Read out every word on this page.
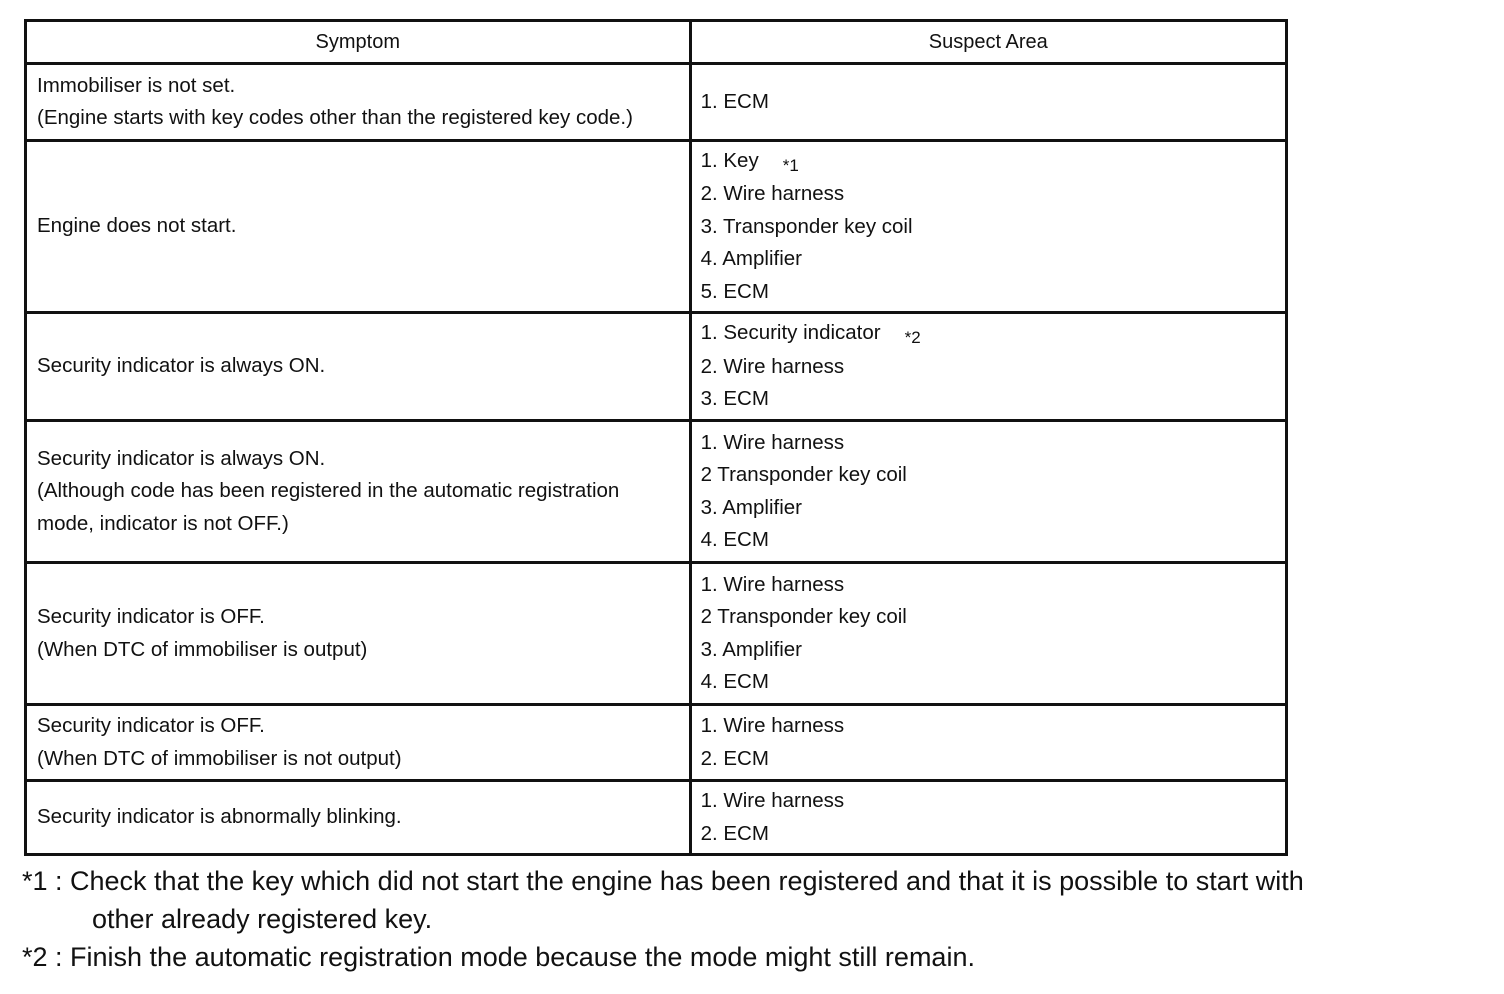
Symptom	Suspect Area

Immobiliser is not set.
(Engine starts with key codes other than the registered key code.)	1. ECM

Engine does not start.	1. Key $^{*1}$
2. Wire harness
3. Transponder key coil
4. Amplifier
5. ECM

Security indicator is always ON.	1. Security indicator $^{*2}$
2. Wire harness
3. ECM

Security indicator is always ON.
(Although code has been registered in the automatic registration
mode, indicator is not OFF.)	1. Wire harness
2 Transponder key coil
3. Amplifier
4. ECM

Security indicator is OFF.
(When DTC of immobiliser is output)	1. Wire harness
2 Transponder key coil
3. Amplifier
4. ECM

Security indicator is OFF.
(When DTC of immobiliser is not output)	1. Wire harness
2. ECM

Security indicator is abnormally blinking.	1. Wire harness
2. ECM
*1 : Check that the key which did not start the engine has been registered and that it is possible to start with
other already registered key.
*2 : Finish the automatic registration mode because the mode might still remain.
